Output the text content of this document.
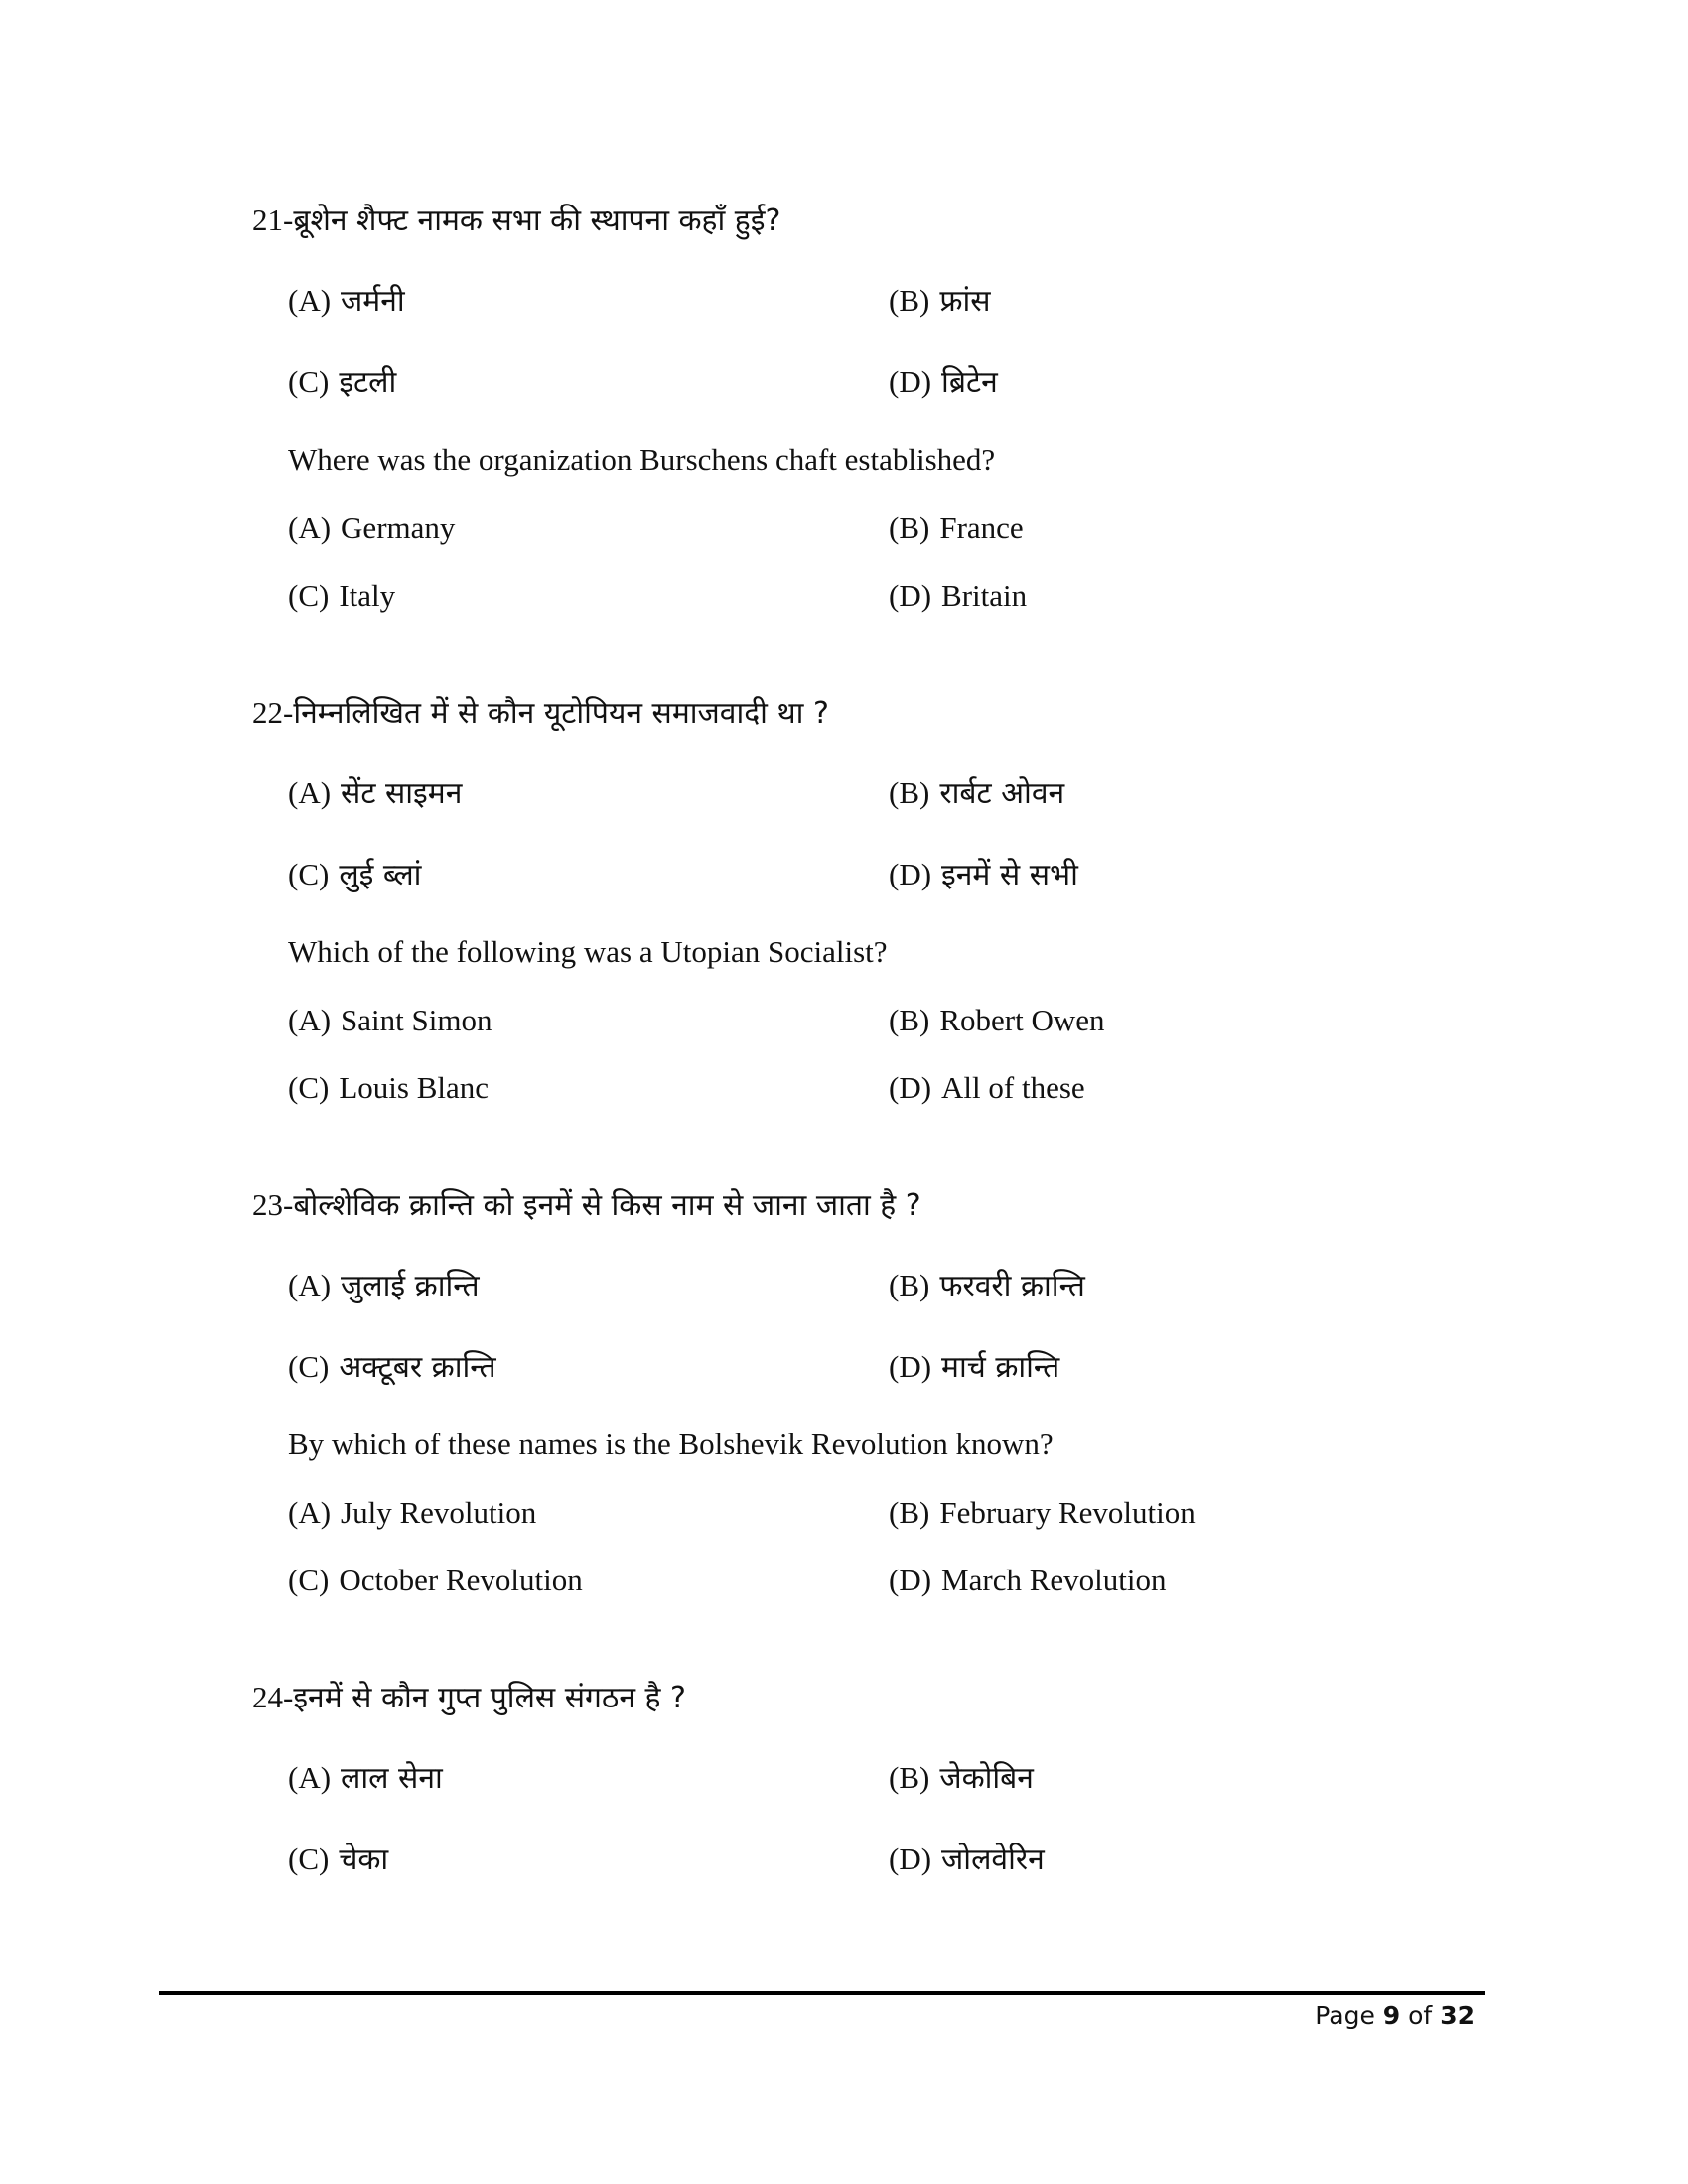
21-ब्रूशेन शैफ्ट नामक सभा की स्थापना कहाँ हुई?
(A) जर्मनी	(B) फ्रांस
(C) इटली	(D) ब्रिटेन
Where was the organization Burschens chaft established?
(A) Germany	(B) France
(C) Italy	(D) Britain
22-निम्नलिखित में से कौन यूटोपियन समाजवादी था ?
(A) सेंट साइमन	(B) रार्बट ओवन
(C) लुई ब्लां	(D) इनमें से सभी
Which of the following was a Utopian Socialist?
(A) Saint Simon	(B) Robert Owen
(C) Louis Blanc	(D) All of these
23-बोल्शेविक क्रान्ति को इनमें से किस नाम से जाना जाता है ?
(A) जुलाई क्रान्ति	(B) फरवरी क्रान्ति
(C) अक्टूबर क्रान्ति	(D) मार्च क्रान्ति
By which of these names is the Bolshevik Revolution known?
(A) July Revolution	(B) February Revolution
(C) October Revolution	(D) March Revolution
24-इनमें से कौन गुप्त पुलिस संगठन है ?
(A) लाल सेना	(B) जेकोबिन
(C) चेका	(D) जोलवेरिन
Page 9 of 32
